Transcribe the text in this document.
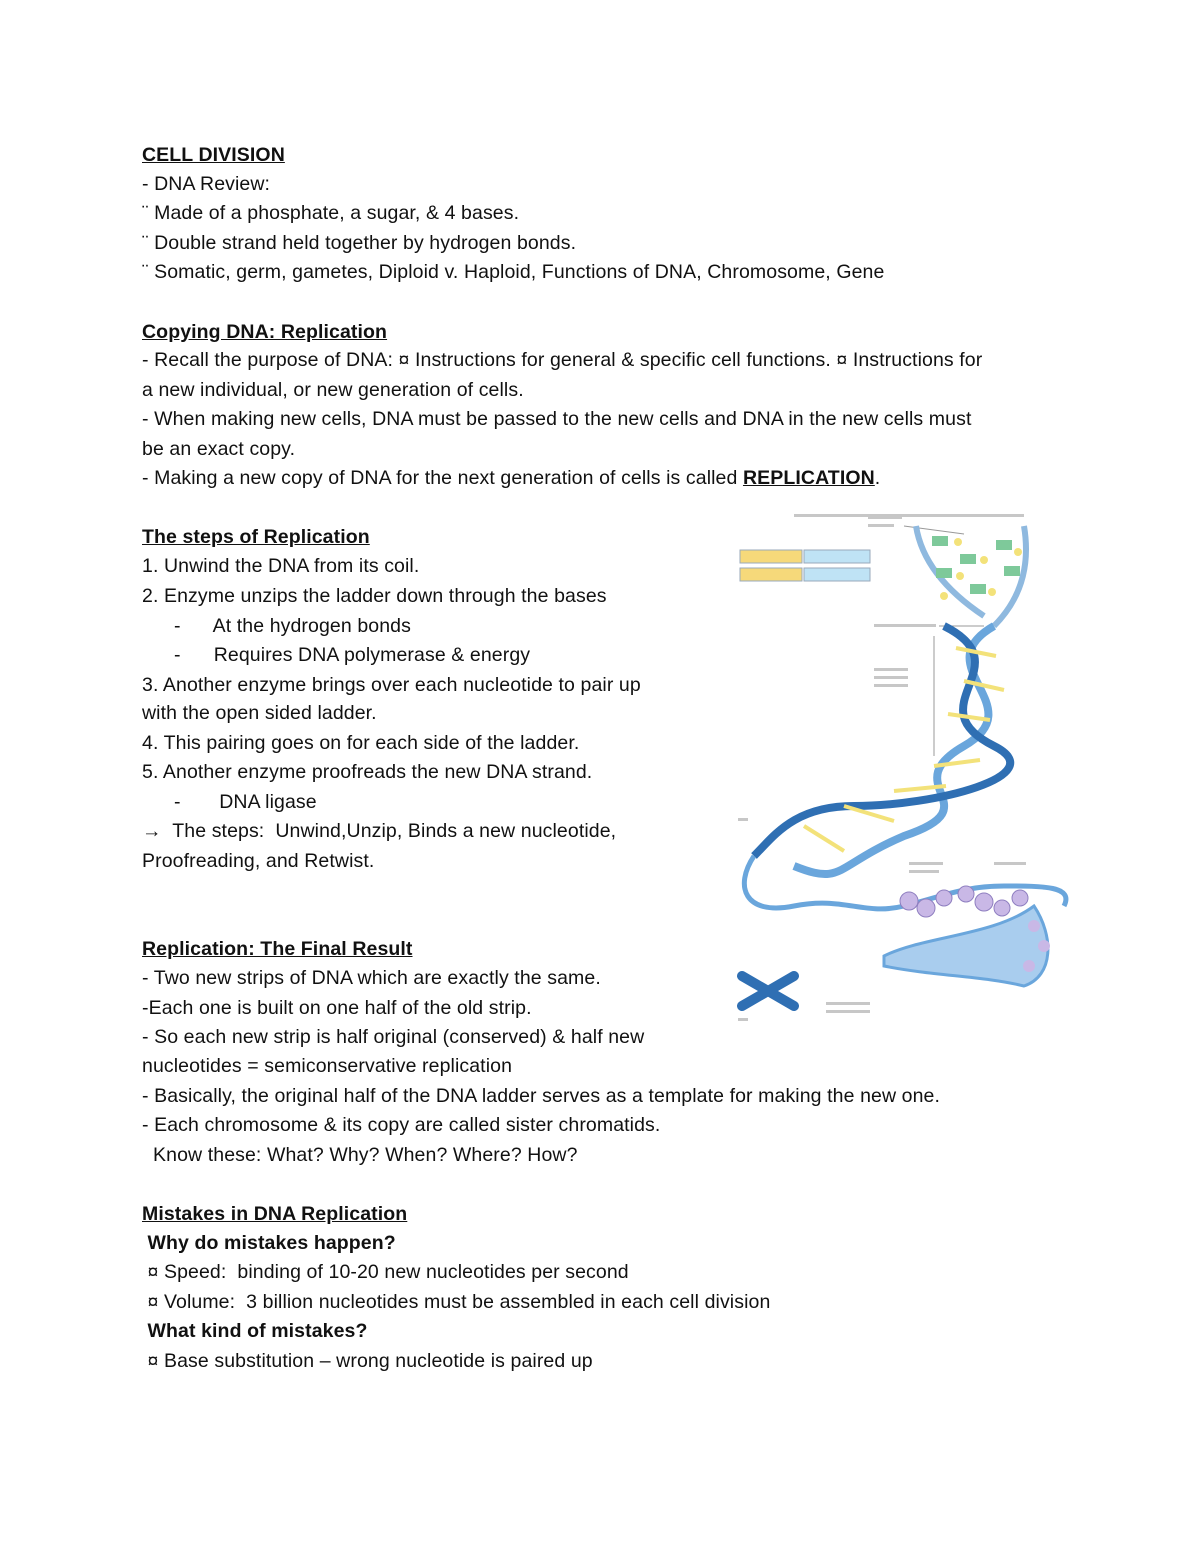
CELL DIVISION
- DNA Review:
¨ Made of a phosphate, a sugar, & 4 bases.
¨ Double strand held together by hydrogen bonds.
¨ Somatic, germ, gametes, Diploid v. Haploid, Functions of DNA, Chromosome, Gene
Copying DNA: Replication
- Recall the purpose of DNA: ¤ Instructions for general & specific cell functions. ¤ Instructions for
a new individual, or new generation of cells.
- When making new cells, DNA must be passed to the new cells and DNA in the new cells must
be an exact copy.
- Making a new copy of DNA for the next generation of cells is called REPLICATION.
The steps of Replication
1. Unwind the DNA from its coil.
2. Enzyme unzips the ladder down through the bases
-      At the hydrogen bonds
-      Requires DNA polymerase & energy
3. Another enzyme brings over each nucleotide to pair up
with the open sided ladder.
4. This pairing goes on for each side of the ladder.
5. Another enzyme proofreads the new DNA strand.
-       DNA ligase
→  The steps:  Unwind,Unzip, Binds a new nucleotide,
Proofreading, and Retwist.
Replication: The Final Result
- Two new strips of DNA which are exactly the same.
-Each one is built on one half of the old strip.
- So each new strip is half original (conserved) & half new
nucleotides = semiconservative replication
- Basically, the original half of the DNA ladder serves as a template for making the new one.
- Each chromosome & its copy are called sister chromatids.
Know these: What? Why? When? Where? How?
Mistakes in DNA Replication
Why do mistakes happen?
¤ Speed:  binding of 10-20 new nucleotides per second
¤ Volume:  3 billion nucleotides must be assembled in each cell division
What kind of mistakes?
¤ Base substitution – wrong nucleotide is paired up
